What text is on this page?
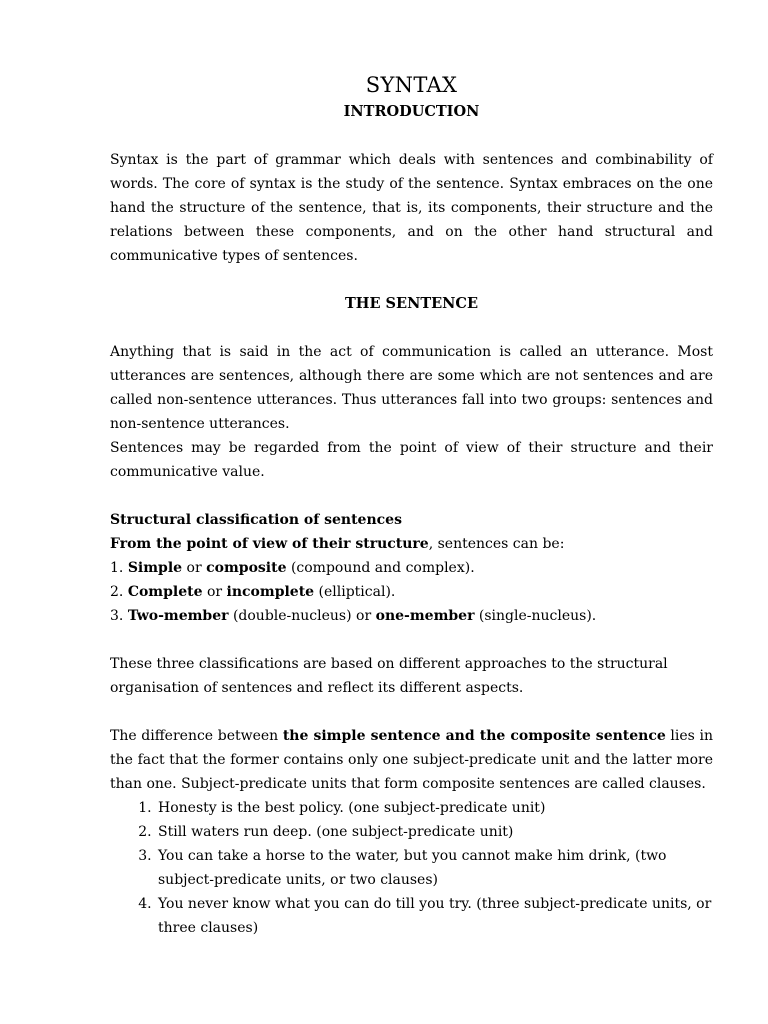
SYNTAX
INTRODUCTION

Syntax is the part of grammar which deals with sentences and combinability of words. The core of syntax is the study of the sentence. Syntax embraces on the one hand the structure of the sentence, that is, its components, their structure and the relations between these components, and on the other hand structural and communicative types of sentences.

THE SENTENCE

Anything that is said in the act of communication is called an utterance. Most utterances are sentences, although there are some which are not sentences and are called non-sentence utterances. Thus utterances fall into two groups: sentences and non-sentence utterances.

Sentences may be regarded from the point of view of their structure and their communicative value.

Structural classification of sentences
From the point of view of their structure, sentences can be:
1. Simple or composite (compound and complex).
2. Complete or incomplete (elliptical).
3. Two-member (double-nucleus) or one-member (single-nucleus).

These three classifications are based on different approaches to the structural organisation of sentences and reflect its different aspects.

The difference between the simple sentence and the composite sentence lies in the fact that the former contains only one subject-predicate unit and the latter more than one. Subject-predicate units that form composite sentences are called clauses.

1. Honesty is the best policy. (one subject-predicate unit)
2. Still waters run deep. (one subject-predicate unit)
3. You can take a horse to the water, but you cannot make him drink, (two subject-predicate units, or two clauses)
4. You never know what you can do till you try. (three subject-predicate units, or three clauses)
